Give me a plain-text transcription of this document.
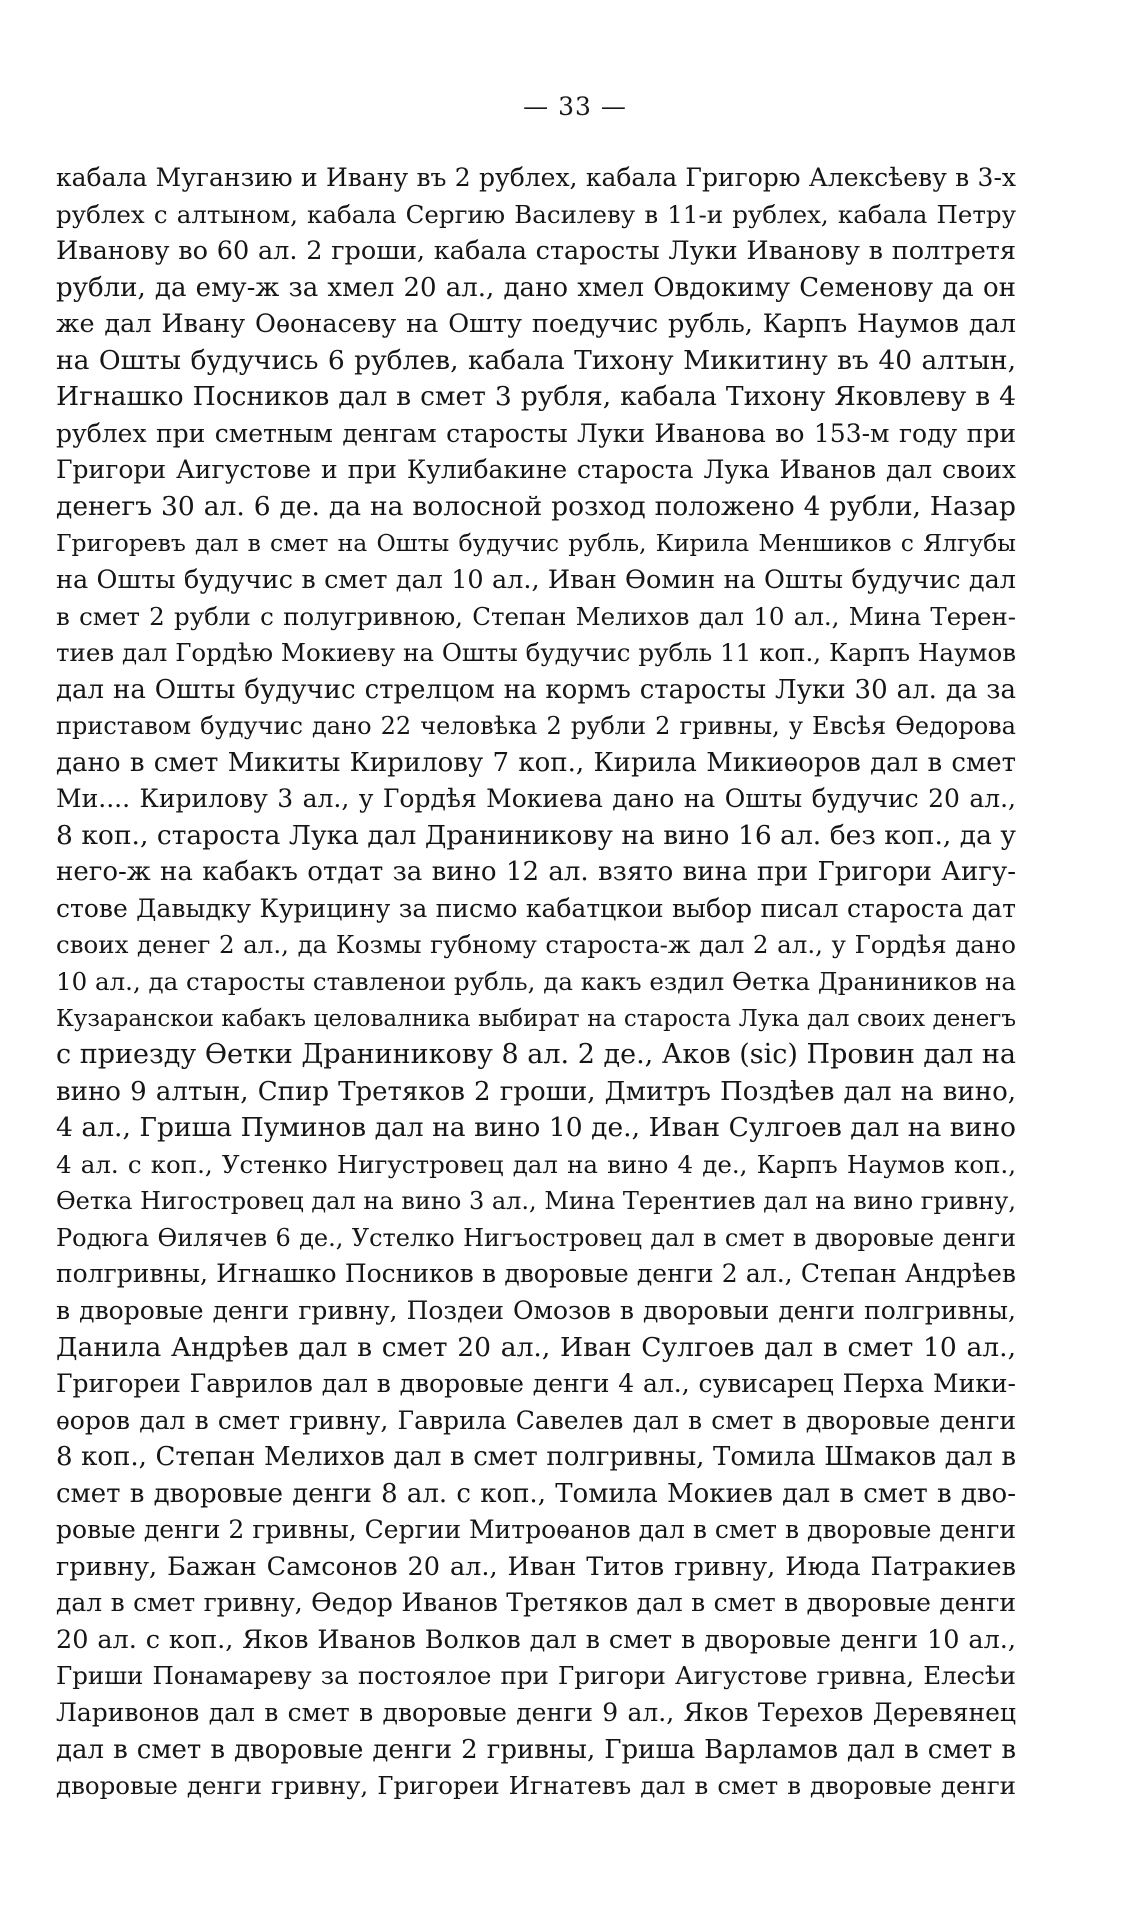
— 33 —
кабала Муганзию и Ивану въ 2 рублех, кабала Григорю Алексѣеву в 3-х
рублех с алтыном, кабала Сергию Василеву в 11-и рублех, кабала Петру
Иванову во 60 ал. 2 гроши, кабала старосты Луки Иванову в полтретя
рубли, да ему-ж за хмел 20 ал., дано хмел Овдокиму Семенову да он
же дал Ивану Оѳонасеву на Ошту поедучис рубль, Карпъ Наумов дал
на Ошты будучись 6 рублев, кабала Тихону Микитину въ 40 алтын,
Игнашко Посников дал в смет 3 рубля, кабала Тихону Яковлеву в 4
рублех при сметным денгам старосты Луки Иванова во 153-м году при
Григори Аигустове и при Кулибакине староста Лука Иванов дал своих
денегъ 30 ал. 6 де. да на волосной розход положено 4 рубли, Назар
Григоревъ дал в смет на Ошты будучис рубль, Кирила Меншиков с Ялгубы
на Ошты будучис в смет дал 10 ал., Иван Ѳомин на Ошты будучис дал
в смет 2 рубли с полугривною, Степан Мелихов дал 10 ал., Мина Терен-
тиев дал Гордѣю Мокиеву на Ошты будучис рубль 11 коп., Карпъ Наумов
дал на Ошты будучис стрелцом на кормъ старосты Луки 30 ал. да за
приставом будучис дано 22 человѣка 2 рубли 2 гривны, у Евсѣя Ѳедорова
дано в смет Микиты Кирилову 7 коп., Кирила Микиѳоров дал в смет
Ми.... Кирилову 3 ал., у Гордѣя Мокиева дано на Ошты будучис 20 ал.,
8 коп., староста Лука дал Драниникову на вино 16 ал. без коп., да у
него-ж на кабакъ отдат за вино 12 ал. взято вина при Григори Аигу-
стове Давыдку Курицину за писмо кабатцкои выбор писал староста дат
своих денег 2 ал., да Козмы губному староста-ж дал 2 ал., у Гордѣя дано
10 ал., да старосты ставленои рубль, да какъ ездил Ѳетка Драниников на
Кузаранскои кабакъ целовалника выбират на староста Лука дал своих денегъ
с приезду Ѳетки Драниникову 8 ал. 2 де., Аков (sic) Провин дал на
вино 9 алтын, Спир Третяков 2 гроши, Дмитръ Поздѣев дал на вино,
4 ал., Гриша Пуминов дал на вино 10 де., Иван Сулгоев дал на вино
4 ал. с коп., Устенко Нигустровец дал на вино 4 де., Карпъ Наумов коп.,
Ѳетка Нигостровец дал на вино 3 ал., Мина Терентиев дал на вино гривну,
Родюга Ѳилячев 6 де., Устелко Нигъостровец дал в смет в дворовые денги
полгривны, Игнашко Посников в дворовые денги 2 ал., Степан Андрѣев
в дворовые денги гривну, Поздеи Омозов в дворовыи денги полгривны,
Данила Андрѣев дал в смет 20 ал., Иван Сулгоев дал в смет 10 ал.,
Григореи Гаврилов дал в дворовые денги 4 ал., сувисарец Перха Мики-
ѳоров дал в смет гривну, Гаврила Савелев дал в смет в дворовые денги
8 коп., Степан Мелихов дал в смет полгривны, Томила Шмаков дал в
смет в дворовые денги 8 ал. с коп., Томила Мокиев дал в смет в дво-
ровые денги 2 гривны, Сергии Митроѳанов дал в смет в дворовые денги
гривну, Бажан Самсонов 20 ал., Иван Титов гривну, Июда Патракиев
дал в смет гривну, Ѳедор Иванов Третяков дал в смет в дворовые денги
20 ал. с коп., Яков Иванов Волков дал в смет в дворовые денги 10 ал.,
Гриши Понамареву за постоялое при Григори Аигустове гривна, Елесѣи
Ларивонов дал в смет в дворовые денги 9 ал., Яков Терехов Деревянец
дал в смет в дворовые денги 2 гривны, Гриша Варламов дал в смет в
дворовые денги гривну, Григореи Игнатевъ дал в смет в дворовые денги
